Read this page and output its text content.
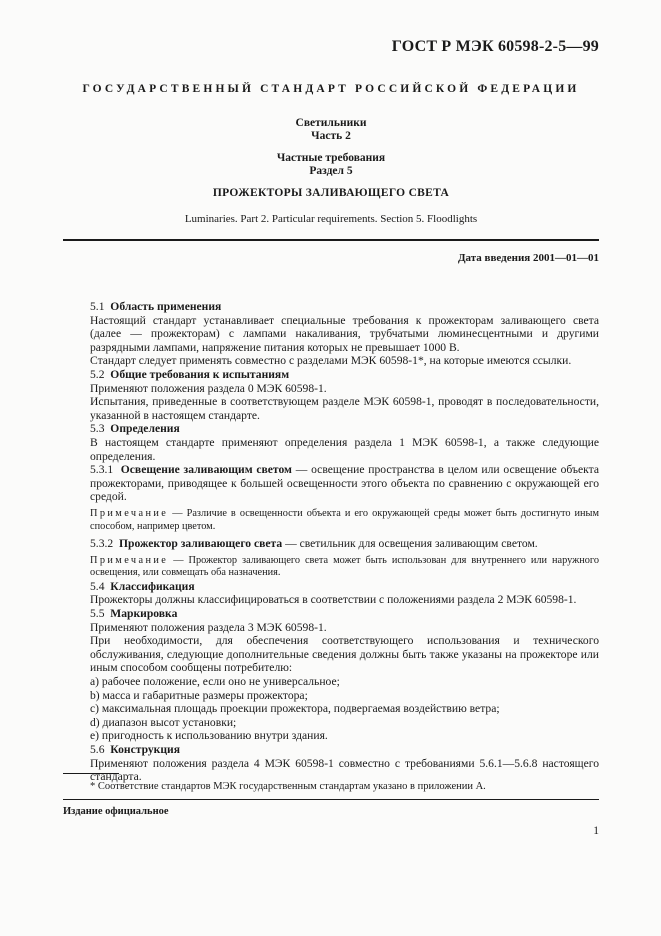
ГОСТ Р МЭК 60598-2-5—99
ГОСУДАРСТВЕННЫЙ СТАНДАРТ РОССИЙСКОЙ ФЕДЕРАЦИИ
Светильники
Часть 2
Частные требования
Раздел 5
ПРОЖЕКТОРЫ ЗАЛИВАЮЩЕГО СВЕТА
Luminaries. Part 2. Particular requirements. Section 5. Floodlights
Дата введения 2001—01—01
5.1 Область применения
Настоящий стандарт устанавливает специальные требования к прожекторам заливающего света (далее — прожекторам) с лампами накаливания, трубчатыми люминесцентными и другими разрядными лампами, напряжение питания которых не превышает 1000 В.
Стандарт следует применять совместно с разделами МЭК 60598-1*, на которые имеются ссылки.
5.2 Общие требования к испытаниям
Применяют положения раздела 0 МЭК 60598-1.
Испытания, приведенные в соответствующем разделе МЭК 60598-1, проводят в последовательности, указанной в настоящем стандарте.
5.3 Определения
В настоящем стандарте применяют определения раздела 1 МЭК 60598-1, а также следующие определения.
5.3.1 Освещение заливающим светом — освещение пространства в целом или освещение объекта прожекторами, приводящее к большей освещенности этого объекта по сравнению с окружающей его средой.
Примечание — Различие в освещенности объекта и его окружающей среды может быть достигнуто иным способом, например цветом.
5.3.2 Прожектор заливающего света — светильник для освещения заливающим светом.
Примечание — Прожектор заливающего света может быть использован для внутреннего или наружного освещения, или совмещать оба назначения.
5.4 Классификация
Прожекторы должны классифицироваться в соответствии с положениями раздела 2 МЭК 60598-1.
5.5 Маркировка
Применяют положения раздела 3 МЭК 60598-1.
При необходимости, для обеспечения соответствующего использования и технического обслуживания, следующие дополнительные сведения должны быть также указаны на прожекторе или иным способом сообщены потребителю:
а) рабочее положение, если оно не универсальное;
b) масса и габаритные размеры прожектора;
с) максимальная площадь проекции прожектора, подвергаемая воздействию ветра;
d) диапазон высот установки;
е) пригодность к использованию внутри здания.
5.6 Конструкция
Применяют положения раздела 4 МЭК 60598-1 совместно с требованиями 5.6.1—5.6.8 настоящего стандарта.
* Соответствие стандартов МЭК государственным стандартам указано в приложении А.
Издание официальное
1
